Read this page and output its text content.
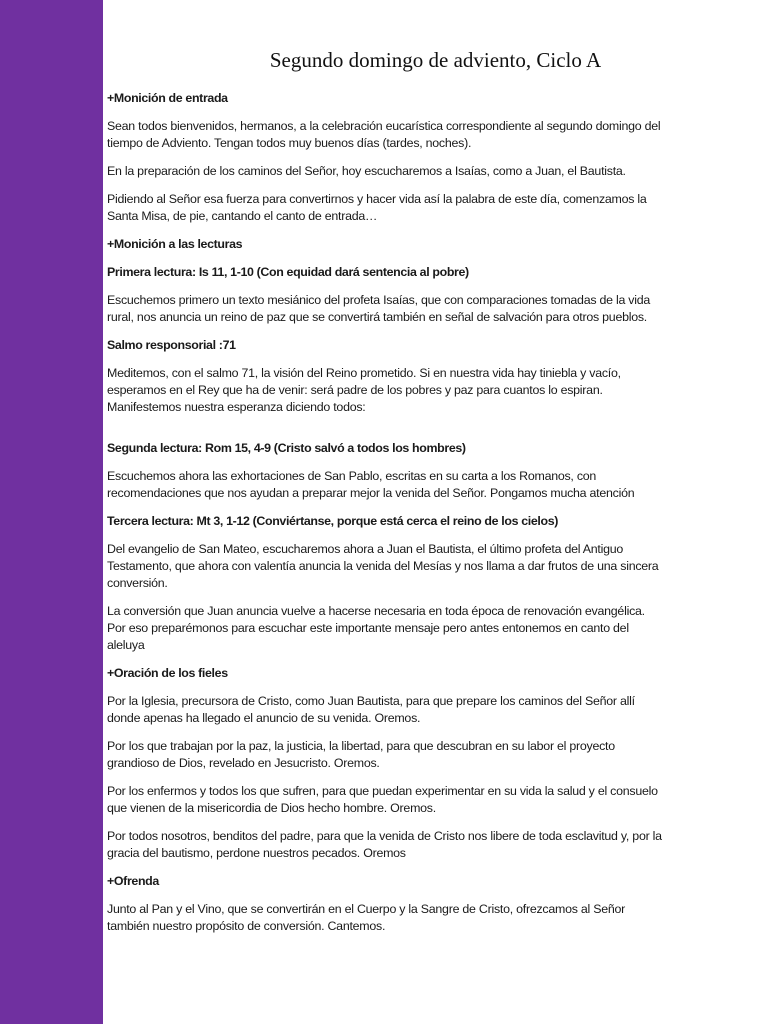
Segundo domingo de adviento, Ciclo A

+Monición de entrada

Sean todos bienvenidos, hermanos, a la celebración eucarística correspondiente al segundo domingo del tiempo de Adviento. Tengan todos muy buenos días (tardes, noches).

En la preparación de los caminos del Señor, hoy escucharemos a Isaías, como a Juan, el Bautista.

Pidiendo al Señor esa fuerza para convertirnos y hacer vida así la palabra de este día, comenzamos la Santa Misa, de pie, cantando el canto de entrada…

+Monición a las lecturas

Primera lectura: Is 11, 1-10 (Con equidad dará sentencia al pobre)

Escuchemos primero un texto mesiánico del profeta Isaías, que con comparaciones tomadas de la vida rural, nos anuncia un reino de paz que se convertirá también en señal de salvación para otros pueblos.

Salmo responsorial :71

Meditemos, con el salmo 71, la visión del Reino prometido. Si en nuestra vida hay tiniebla y vacío, esperamos en el Rey que ha de venir: será padre de los pobres y paz para cuantos lo espiran. Manifestemos nuestra esperanza diciendo todos:

Segunda lectura: Rom 15, 4-9 (Cristo salvó a todos los hombres)

Escuchemos ahora las exhortaciones de San Pablo, escritas en su carta a los Romanos, con recomendaciones que nos ayudan a preparar mejor la venida del Señor. Pongamos mucha atención

Tercera lectura: Mt 3, 1-12 (Conviértanse, porque está cerca el reino de los cielos)

Del evangelio de San Mateo, escucharemos ahora a Juan el Bautista, el último profeta del Antiguo Testamento, que ahora con valentía anuncia la venida del Mesías y nos llama a dar frutos de una sincera conversión.

La conversión que Juan anuncia vuelve a hacerse necesaria en toda época de renovación evangélica. Por eso preparémonos para escuchar este importante mensaje pero antes entonemos en canto del aleluya

+Oración de los fieles

Por la Iglesia, precursora de Cristo, como Juan Bautista, para que prepare los caminos del Señor allí donde apenas ha llegado el anuncio de su venida. Oremos.

Por los que trabajan por la paz, la justicia, la libertad, para que descubran en su labor el proyecto grandioso de Dios, revelado en Jesucristo. Oremos.

Por los enfermos y todos los que sufren, para que puedan experimentar en su vida la salud y el consuelo que vienen de la misericordia de Dios hecho hombre. Oremos.

Por todos nosotros, benditos del padre, para que la venida de Cristo nos libere de toda esclavitud y, por la gracia del bautismo, perdone nuestros pecados. Oremos

+Ofrenda

Junto al Pan y el Vino, que se convertirán en el Cuerpo y la Sangre de Cristo, ofrezcamos al Señor también nuestro propósito de conversión. Cantemos.
